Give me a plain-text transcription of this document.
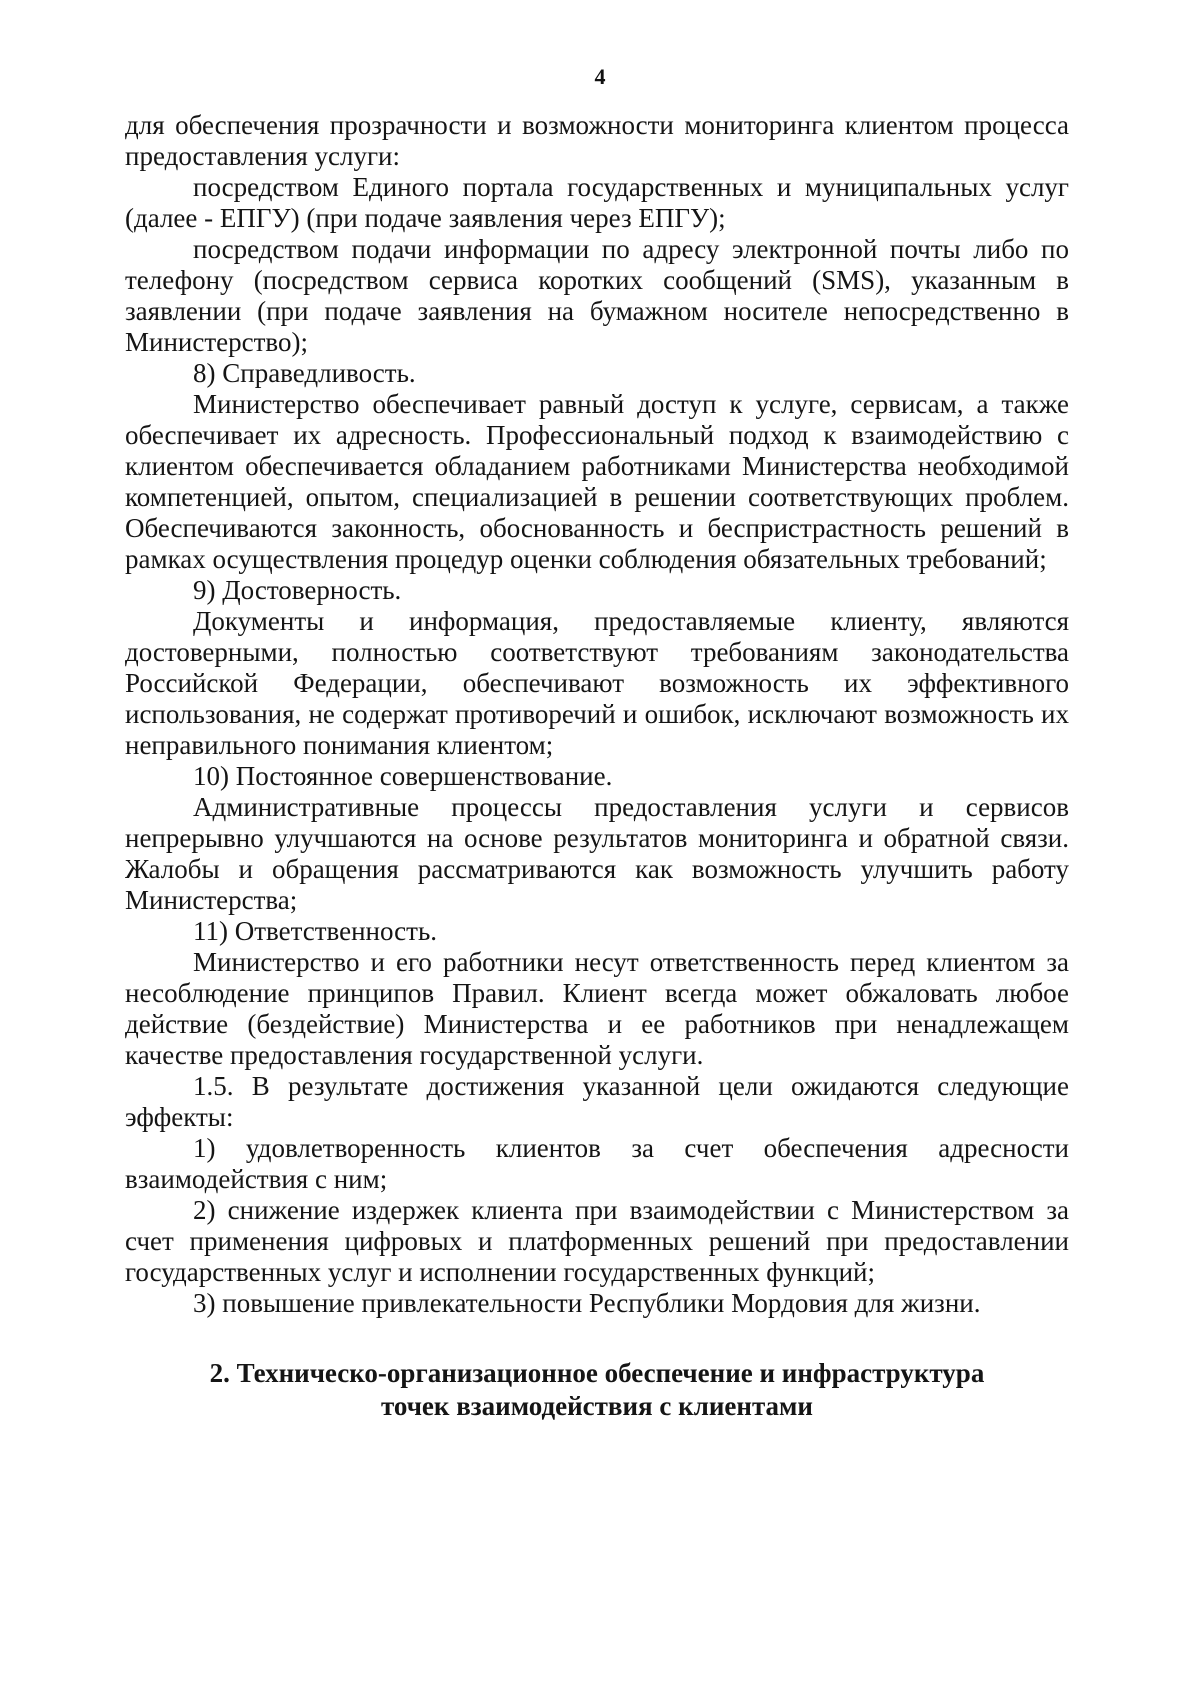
4

для обеспечения прозрачности и возможности мониторинга клиентом процесса предоставления услуги:

посредством Единого портала государственных и муниципальных услуг (далее - ЕПГУ) (при подаче заявления через ЕПГУ);

посредством подачи информации по адресу электронной почты либо по телефону (посредством сервиса коротких сообщений (SMS), указанным в заявлении (при подаче заявления на бумажном носителе непосредственно в Министерство);

8) Справедливость.

Министерство обеспечивает равный доступ к услуге, сервисам, а также обеспечивает их адресность. Профессиональный подход к взаимодействию с клиентом обеспечивается обладанием работниками Министерства необходимой компетенцией, опытом, специализацией в решении соответствующих проблем. Обеспечиваются законность, обоснованность и беспристрастность решений в рамках осуществления процедур оценки соблюдения обязательных требований;

9) Достоверность.

Документы и информация, предоставляемые клиенту, являются достоверными, полностью соответствуют требованиям законодательства Российской Федерации, обеспечивают возможность их эффективного использования, не содержат противоречий и ошибок, исключают возможность их неправильного понимания клиентом;

10) Постоянное совершенствование.

Административные процессы предоставления услуги и сервисов непрерывно улучшаются на основе результатов мониторинга и обратной связи. Жалобы и обращения рассматриваются как возможность улучшить работу Министерства;

11) Ответственность.

Министерство и его работники несут ответственность перед клиентом за несоблюдение принципов Правил. Клиент всегда может обжаловать любое действие (бездействие) Министерства и ее работников при ненадлежащем качестве предоставления государственной услуги.

1.5. В результате достижения указанной цели ожидаются следующие эффекты:

1) удовлетворенность клиентов за счет обеспечения адресности взаимодействия с ним;

2) снижение издержек клиента при взаимодействии с Министерством за счет применения цифровых и платформенных решений при предоставлении государственных услуг и исполнении государственных функций;

3) повышение привлекательности Республики Мордовия для жизни.

2. Техническо-организационное обеспечение и инфраструктура
точек взаимодействия с клиентами
